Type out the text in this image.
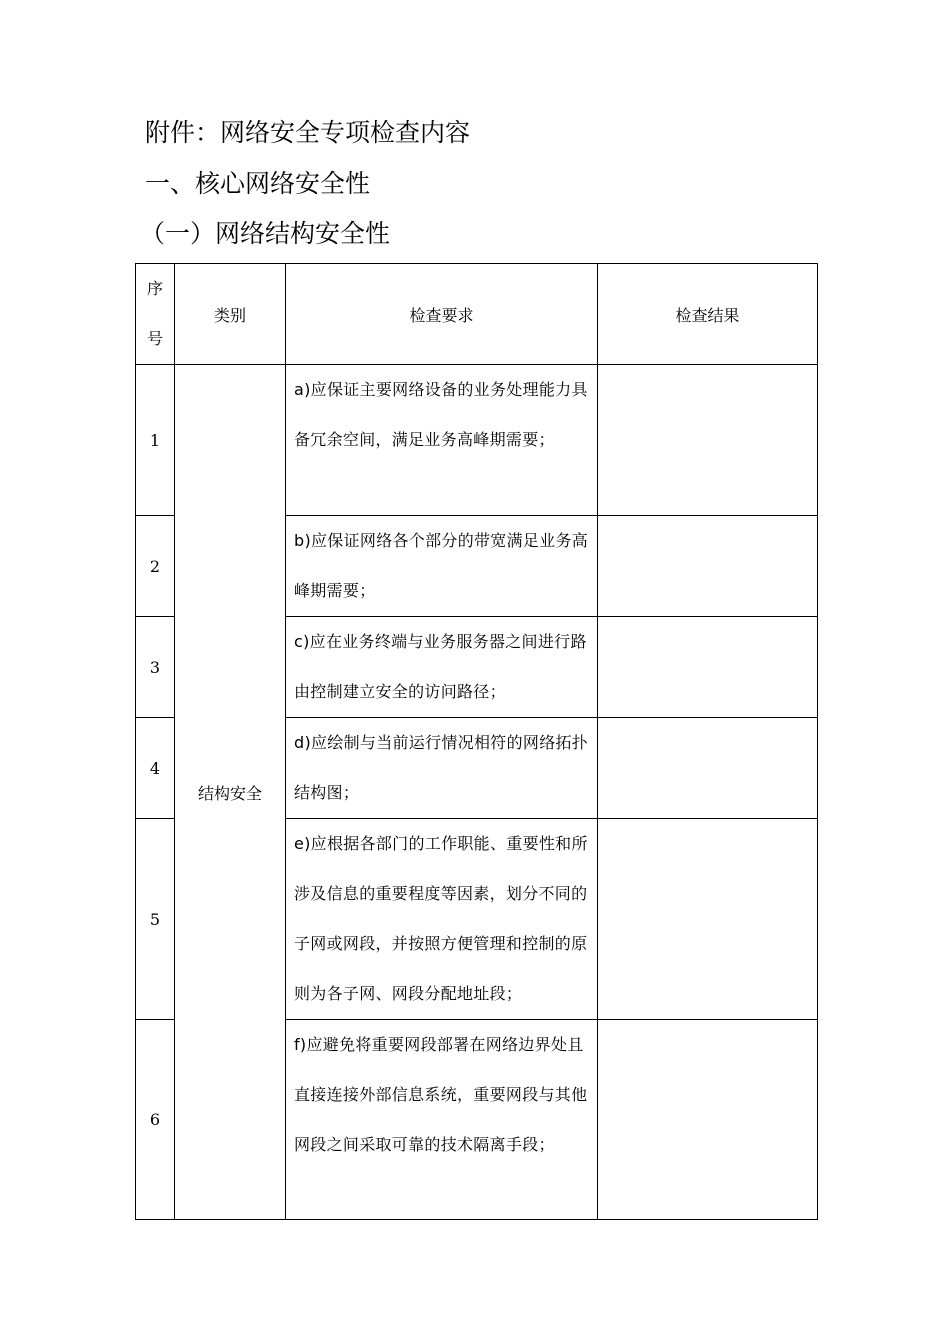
附件：网络安全专项检查内容
一、核心网络安全性
（一）网络结构安全性
序
号	类别	检查要求	检查结果
1	结构安全	a)应保证主要网络设备的业务处理能力具备冗余空间，满足业务高峰期需要；	
2		b)应保证网络各个部分的带宽满足业务高峰期需要；	
3		c)应在业务终端与业务服务器之间进行路由控制建立安全的访问路径；	
4		d)应绘制与当前运行情况相符的网络拓扑结构图；	
5		e)应根据各部门的工作职能、重要性和所涉及信息的重要程度等因素，划分不同的子网或网段，并按照方便管理和控制的原则为各子网、网段分配地址段；	
6		f)应避免将重要网段部署在网络边界处且直接连接外部信息系统，重要网段与其他网段之间采取可靠的技术隔离手段；	
